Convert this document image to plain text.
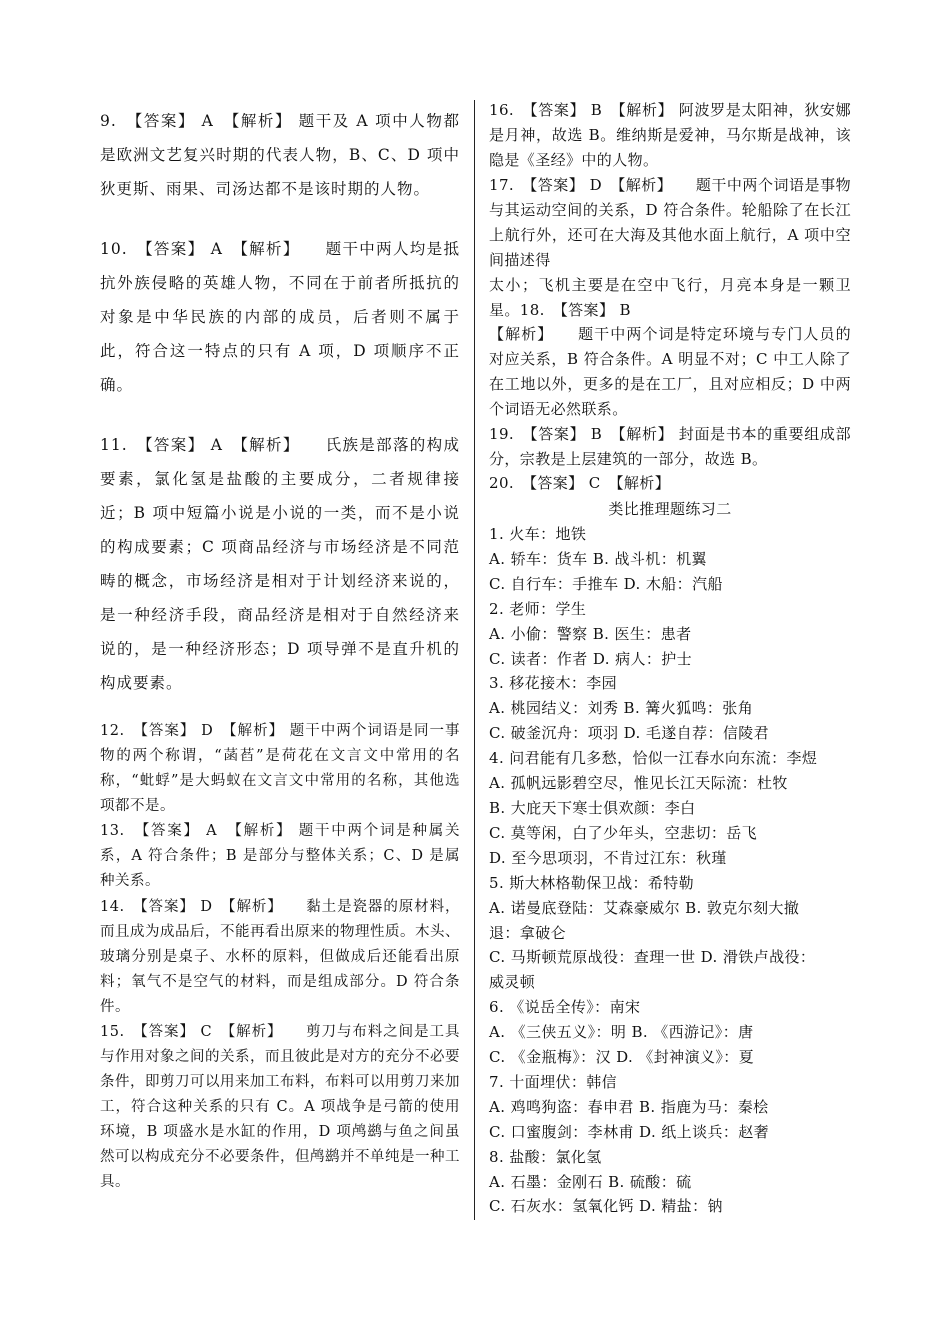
9.　【答案】 A　【解析】 题干及 A 项中人物都是欧洲文艺复兴时期的代表人物，B、C、D 项中狄更斯、雨果、司汤达都不是该时期的人物。

10.　【答案】 A　【解析】　　题干中两人均是抵抗外族侵略的英雄人物，不同在于前者所抵抗的对象是中华民族的内部的成员，后者则不属于此，符合这一特点的只有 A 项，D 项顺序不正确。

11.　【答案】 A　【解析】　　氏族是部落的构成要素，氯化氢是盐酸的主要成分，二者规律接近；B 项中短篇小说是小说的一类，而不是小说的构成要素；C 项商品经济与市场经济是不同范畴的概念，市场经济是相对于计划经济来说的，是一种经济手段，商品经济是相对于自然经济来说的，是一种经济形态；D 项导弹不是直升机的构成要素。

12.　【答案】 D　【解析】 题干中两个词语是同一事物的两个称谓，“菡萏”是荷花在文言文中常用的名称，“蚍蜉”是大蚂蚁在文言文中常用的名称，其他选项都不是。

13.　【答案】 A　【解析】 题干中两个词是种属关系，A 符合条件；B 是部分与整体关系；C、D 是属种关系。

14.　【答案】 D　【解析】　　黏土是瓷器的原材料，而且成为成品后，不能再看出原来的物理性质。木头、玻璃分别是桌子、水杯的原料，但做成后还能看出原料；氧气不是空气的材料，而是组成部分。D 符合条件。

15.　【答案】 C　【解析】　　剪刀与布料之间是工具与作用对象之间的关系，而且彼此是对方的充分不必要条件，即剪刀可以用来加工布料，布料可以用剪刀来加工，符合这种关系的只有 C。A 项战争是弓箭的使用环境，B 项盛水是水缸的作用，D 项鸬鹚与鱼之间虽然可以构成充分不必要条件，但鸬鹚并不单纯是一种工具。

16.　【答案】 B　【解析】 阿波罗是太阳神，狄安娜是月神，故选 B。维纳斯是爱神，马尔斯是战神，该隐是《圣经》中的人物。

17.　【答案】 D　【解析】　　题干中两个词语是事物与其运动空间的关系，D 符合条件。轮船除了在长江上航行外，还可在大海及其他水面上航行，A 项中空间描述得

太小；飞机主要是在空中飞行，月亮本身是一颗卫星。18.　【答案】 B

【解析】　　题干中两个词是特定环境与专门人员的对应关系，B 符合条件。A 明显不对；C 中工人除了在工地以外，更多的是在工厂，且对应相反；D 中两个词语无必然联系。

19.　【答案】 B　【解析】 封面是书本的重要组成部分，宗教是上层建筑的一部分，故选 B。

20.　【答案】 C　【解析】

类比推理题练习二

1. 火车：地铁
A. 轿车：货车 B. 战斗机：机翼
C. 自行车：手推车 D. 木船：汽船
2. 老师：学生
A. 小偷：警察 B. 医生：患者
C. 读者：作者 D. 病人：护士
3. 移花接木：李园
A. 桃园结义：刘秀 B. 篝火狐鸣：张角
C. 破釜沉舟：项羽 D. 毛遂自荐：信陵君
4. 问君能有几多愁，恰似一江春水向东流：李煜
A. 孤帆远影碧空尽，惟见长江天际流：杜牧
B. 大庇天下寒士俱欢颜：李白
C. 莫等闲，白了少年头，空悲切：岳飞
D. 至今思项羽，不肯过江东：秋瑾
5. 斯大林格勒保卫战：希特勒
A. 诺曼底登陆：艾森豪威尔 B. 敦克尔刻大撤
退：拿破仑
C. 马斯顿荒原战役：查理一世 D. 滑铁卢战役：
威灵顿
6. 《说岳全传》：南宋
A. 《三侠五义》：明 B. 《西游记》：唐
C. 《金瓶梅》：汉 D. 《封神演义》：夏
7. 十面埋伏：韩信
A. 鸡鸣狗盗：春申君 B. 指鹿为马：秦桧
C. 口蜜腹剑：李林甫 D. 纸上谈兵：赵奢
8. 盐酸：氯化氢
A. 石墨：金刚石 B. 硫酸：硫
C. 石灰水：氢氧化钙 D. 精盐：钠
